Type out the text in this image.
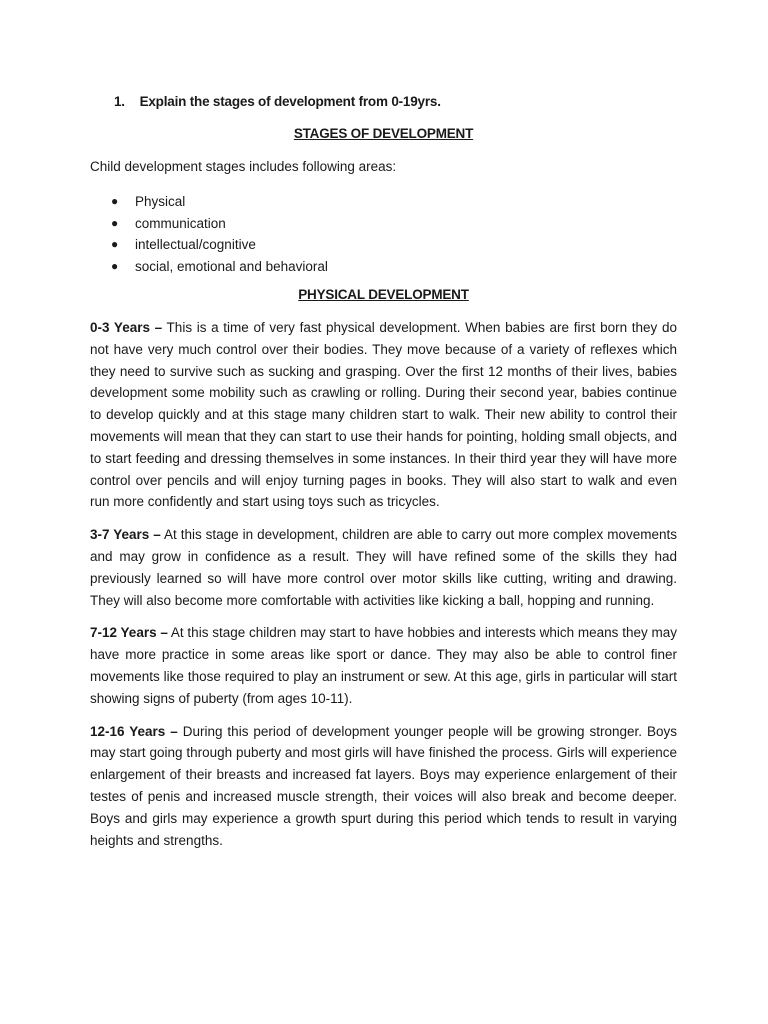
1. Explain the stages of development from 0-19yrs.

STAGES OF DEVELOPMENT

Child development stages includes following areas:

● Physical
● communication
● intellectual/cognitive
● social, emotional and behavioral

PHYSICAL DEVELOPMENT

0-3 Years – This is a time of very fast physical development. When babies are first born they do not have very much control over their bodies. They move because of a variety of reflexes which they need to survive such as sucking and grasping. Over the first 12 months of their lives, babies development some mobility such as crawling or rolling. During their second year, babies continue to develop quickly and at this stage many children start to walk. Their new ability to control their movements will mean that they can start to use their hands for pointing, holding small objects, and to start feeding and dressing themselves in some instances. In their third year they will have more control over pencils and will enjoy turning pages in books. They will also start to walk and even run more confidently and start using toys such as tricycles.

3-7 Years – At this stage in development, children are able to carry out more complex movements and may grow in confidence as a result. They will have refined some of the skills they had previously learned so will have more control over motor skills like cutting, writing and drawing. They will also become more comfortable with activities like kicking a ball, hopping and running.

7-12 Years – At this stage children may start to have hobbies and interests which means they may have more practice in some areas like sport or dance. They may also be able to control finer movements like those required to play an instrument or sew. At this age, girls in particular will start showing signs of puberty (from ages 10-11).

12-16 Years – During this period of development younger people will be growing stronger. Boys may start going through puberty and most girls will have finished the process. Girls will experience enlargement of their breasts and increased fat layers. Boys may experience enlargement of their testes of penis and increased muscle strength, their voices will also break and become deeper. Boys and girls may experience a growth spurt during this period which tends to result in varying heights and strengths.
